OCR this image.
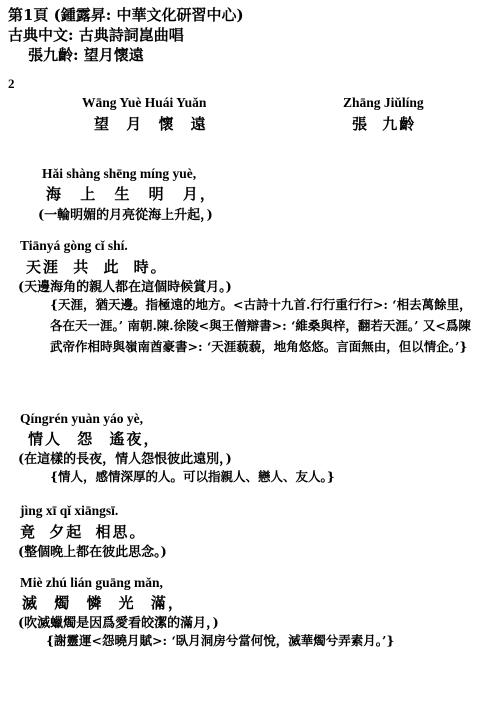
第1頁 (鍾露昇: 中華文化研習中心)
古典中文: 古典詩詞崑曲唱
張九齡: 望月懷遠
2
Wāng Yuè Huái Yuǎn
望 月 懷 遠
Zhāng Jiǔlíng
張 九齡
Hǎi shàng shēng míng yuè,
海 上 生 明 月，
(一輪明媚的月亮從海上升起，)
Tiānyá gòng cǐ shí.
天涯 共 此 時。
(天邊海角的親人都在這個時候賞月。)
{天涯，猶天邊。指極遠的地方。<古詩十九首.行行重行行>: ‘相去萬餘里，各在天一涯。’ 南朝.陳.徐陵<與王僧辯書>: ‘維桑與梓，翻若天涯。’ 又<爲陳武帝作相時與嶺南酋豪書>: ‘天涯藐藐，地角悠悠。言面無由，但以情企。’}
Qíngrén yuàn yáo yè,
情人 怨 遙夜，
(在這樣的長夜，情人怨恨彼此遠別，)
{情人，感情深厚的人。可以指親人、戀人、友人。}
jìng xī qǐ xiāngsī.
竟 夕起 相思。
(整個晚上都在彼此思念。)
Miè zhú lián guāng mǎn,
滅 燭 憐 光 滿，
(吹滅蠟燭是因爲愛看皎潔的滿月，)
{謝靈運<怨曉月賦>: ‘臥月洞房兮當何悅，滅華燭兮弄素月。’}
